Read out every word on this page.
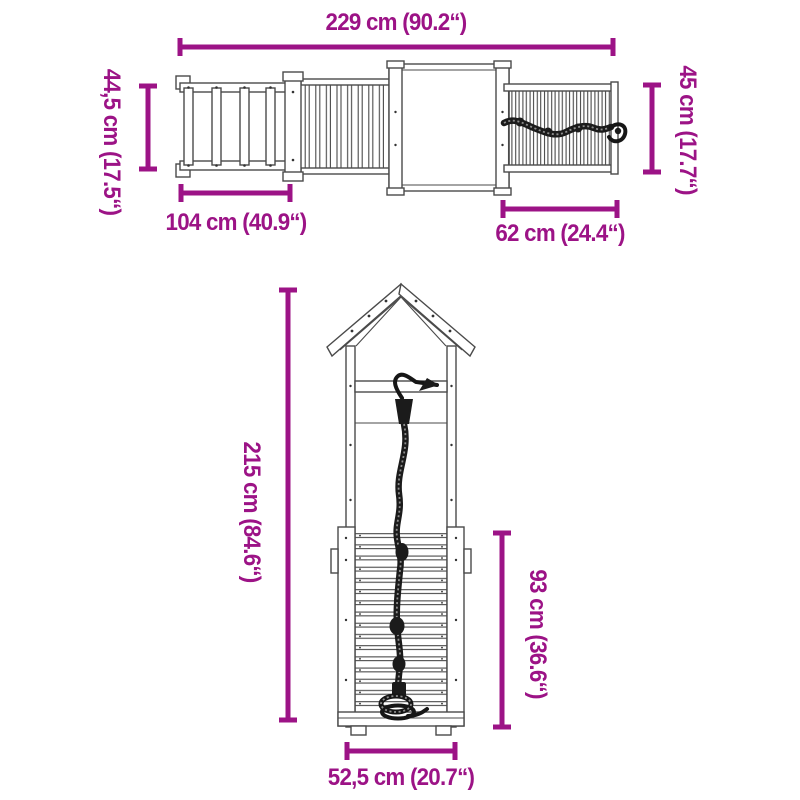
229 cm (90.2“)
44,5 cm (17.5“)	45 cm (17.7“)
104 cm (40.9“)	62 cm (24.4“)
215 cm (84.6“)
93 cm (36.6“)
52,5 cm (20.7“)
